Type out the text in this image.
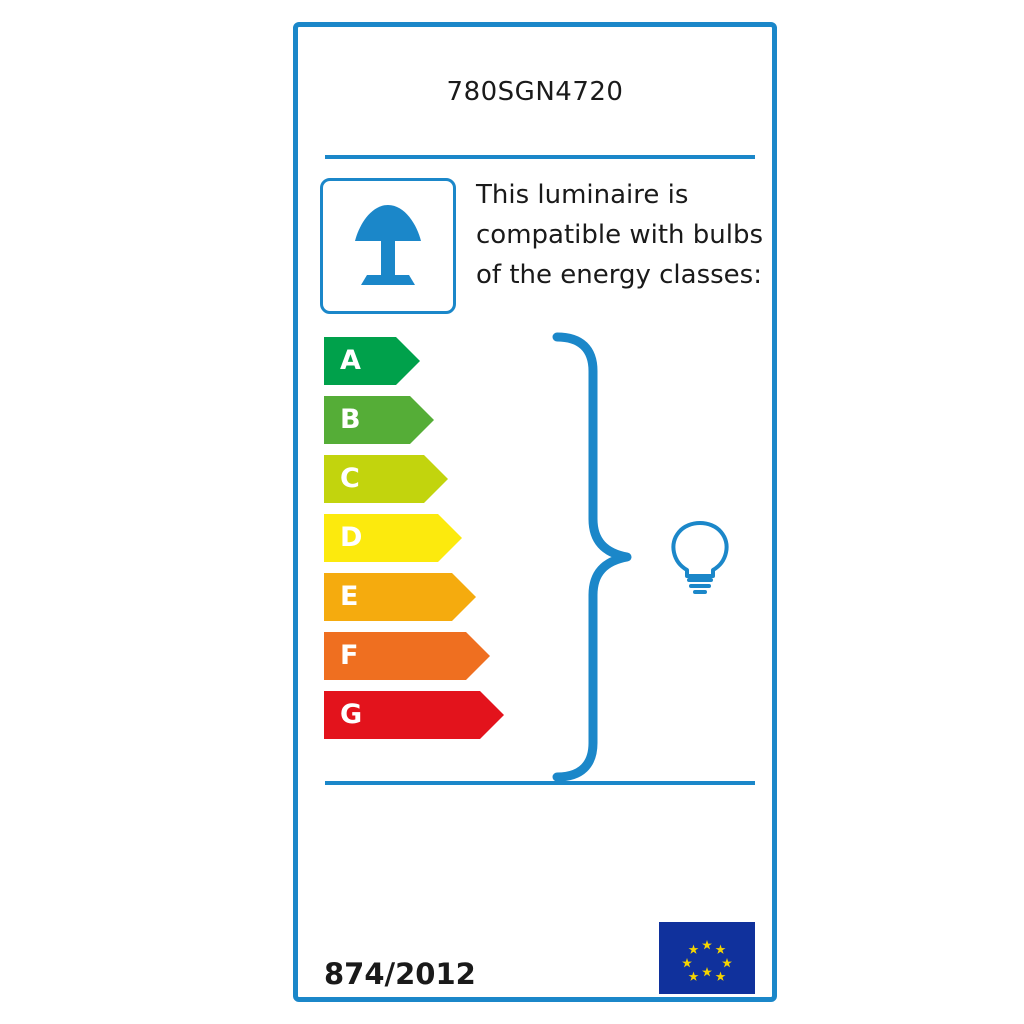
780SGN4720
This luminaire is compatible with bulbs of the energy classes:
A
B
C
D
E
F
G
874/2012
